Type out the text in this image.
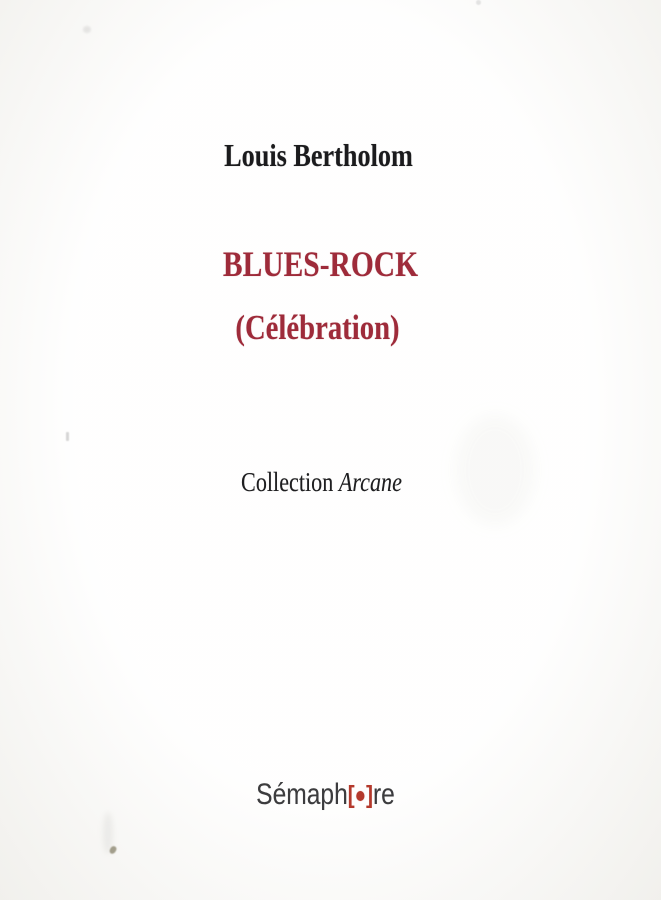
Louis Bertholom
BLUES-ROCK
(Célébration)
Collection Arcane
Sémaph[ ]re
